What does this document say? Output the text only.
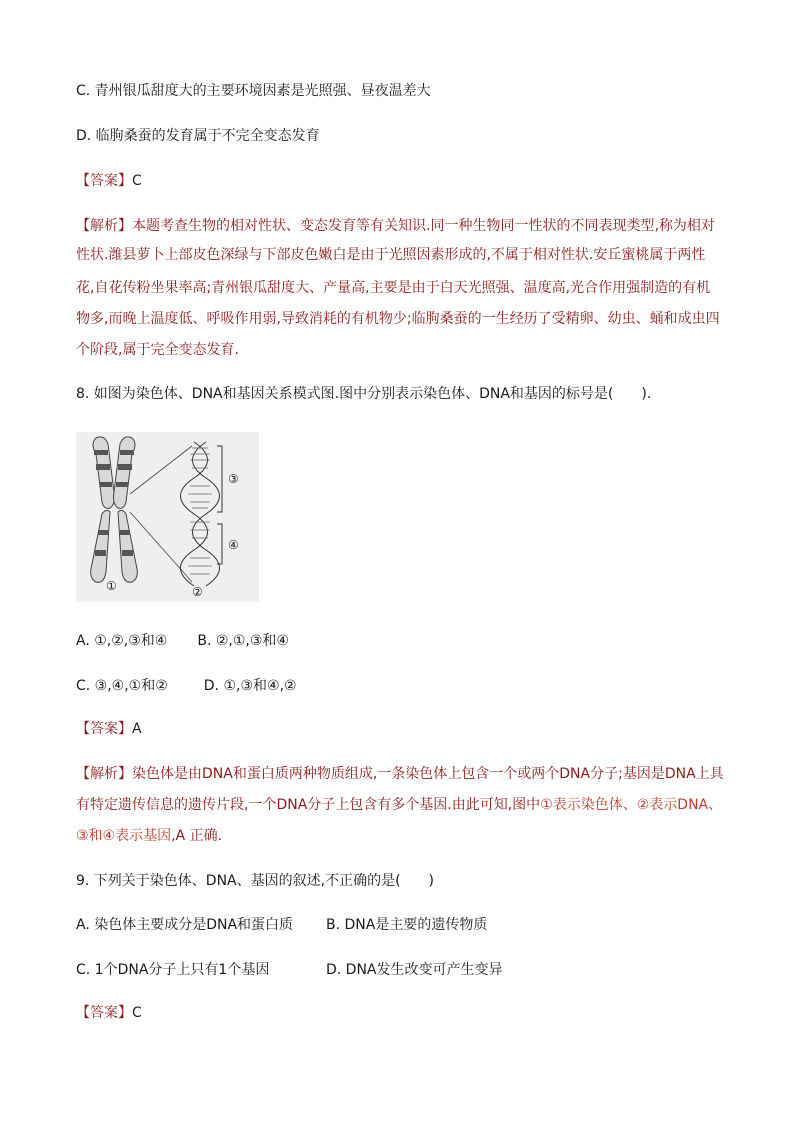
C. 青州银瓜甜度大的主要环境因素是光照强、昼夜温差大
D. 临朐桑蚕的发育属于不完全变态发育
【答案】C
【解析】本题考查生物的相对性状、变态发育等有关知识.同一种生物同一性状的不同表现类型,称为相对
性状.潍县萝卜上部皮色深绿与下部皮色嫩白是由于光照因素形成的,不属于相对性状.安丘蜜桃属于两性
花,自花传粉坐果率高;青州银瓜甜度大、产量高,主要是由于白天光照强、温度高,光合作用强制造的有机
物多,而晚上温度低、呼吸作用弱,导致消耗的有机物少;临朐桑蚕的一生经历了受精卵、幼虫、蛹和成虫四
个阶段,属于完全变态发育.
8. 如图为染色体、DNA和基因关系模式图.图中分别表示染色体、DNA和基因的标号是(　　).
③
④
①	②
A. ①,②,③和④ B. ②,①,③和④
C. ③,④,①和②	D. ①,③和④,②
【答案】A
【解析】染色体是由DNA和蛋白质两种物质组成,一条染色体上包含一个或两个DNA分子;基因是DNA上具
有特定遗传信息的遗传片段,一个DNA分子上包含有多个基因.由此可知,图中①表示染色体、②表示DNA、
③和④表示基因,A 正确.
9. 下列关于染色体、DNA、基因的叙述,不正确的是(　　)
A. 染色体主要成分是DNA和蛋白质 B. DNA是主要的遗传物质
C. 1个DNA分子上只有1个基因	D. DNA发生改变可产生变异
【答案】C
